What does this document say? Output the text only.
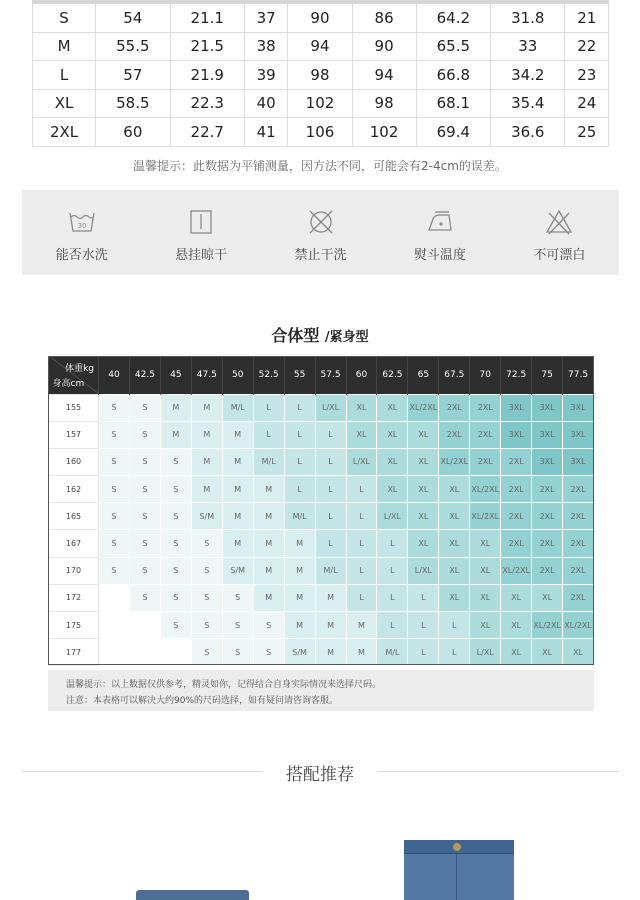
S	54	21.1	37	90	86	64.2	31.8	21
M	55.5	21.5	38	94	90	65.5	33	22
L	57	21.9	39	98	94	66.8	34.2	23
XL	58.5	22.3	40	102	98	68.1	35.4	24
2XL	60	22.7	41	106	102	69.4	36.6	25
温馨提示：此数据为平铺测量，因方法不同，可能会有2-4cm的误差。
30
能否水洗	悬挂晾干	禁止干洗	熨斗温度	不可漂白
合体型 /紧身型
体重kg
身高cm	40	42.5	45	47.5	50	52.5	55	57.5	60	62.5	65	67.5	70	72.5	75	77.5
155	S	S	M	M	M/L	L	L	L/XL	XL	XL	XL/2XL	2XL	2XL	3XL	3XL	3XL
157	S	S	M	M	M	L	L	L	XL	XL	XL	2XL	2XL	3XL	3XL	3XL
160	S	S	S	M	M	M/L	L	L	L/XL	XL	XL	XL/2XL	2XL	2XL	3XL	3XL
162	S	S	S	M	M	M	L	L	L	XL	XL	XL	XL/2XL	2XL	2XL	2XL
165	S	S	S	S/M	M	M	M/L	L	L	L/XL	XL	XL	XL/2XL	2XL	2XL	2XL
167	S	S	S	S	M	M	M	L	L	L	XL	XL	XL	2XL	2XL	2XL
170	S	S	S	S	S/M	M	M	M/L	L	L	L/XL	XL	XL	XL/2XL	2XL	2XL
172		S	S	S	S	M	M	M	L	L	L	XL	XL	XL	XL	2XL
175			S	S	S	S	M	M	M	L	L	L	XL	XL	XL/2XL	XL/2XL
177				S	S	S	S/M	M	M	M/L	L	L	L/XL	XL	XL	XL
温馨提示：以上数据仅供参考，精灵如你，记得结合自身实际情况来选择尺码。
注意：本表格可以解决大约90%的尺码选择，如有疑问请咨询客服。
搭配推荐
